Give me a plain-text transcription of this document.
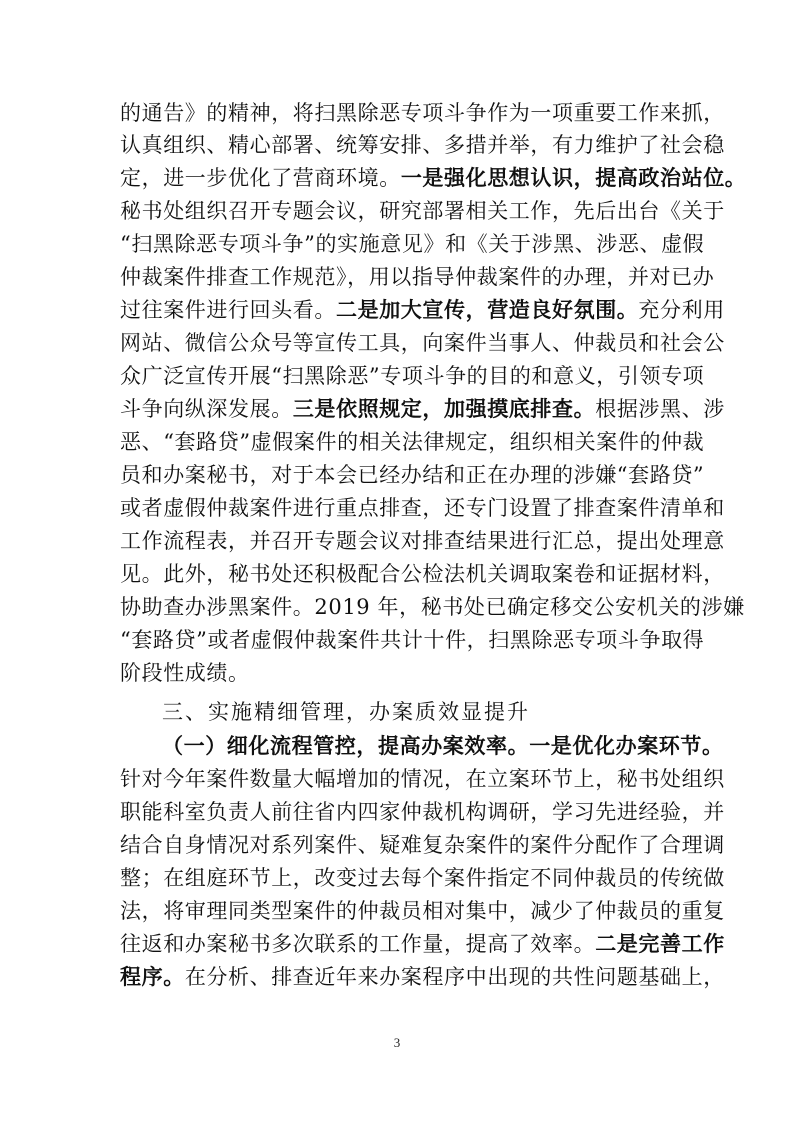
的通告》的精神，将扫黑除恶专项斗争作为一项重要工作来抓，
认真组织、精心部署、统筹安排、多措并举，有力维护了社会稳
定，进一步优化了营商环境。一是强化思想认识，提高政治站位。
秘书处组织召开专题会议，研究部署相关工作，先后出台《关于
“扫黑除恶专项斗争”的实施意见》和《关于涉黑、涉恶、虚假
仲裁案件排查工作规范》，用以指导仲裁案件的办理，并对已办
过往案件进行回头看。二是加大宣传，营造良好氛围。充分利用
网站、微信公众号等宣传工具，向案件当事人、仲裁员和社会公
众广泛宣传开展“扫黑除恶”专项斗争的目的和意义，引领专项
斗争向纵深发展。三是依照规定，加强摸底排查。根据涉黑、涉
恶、“套路贷”虚假案件的相关法律规定，组织相关案件的仲裁
员和办案秘书，对于本会已经办结和正在办理的涉嫌“套路贷”
或者虚假仲裁案件进行重点排查，还专门设置了排查案件清单和
工作流程表，并召开专题会议对排查结果进行汇总，提出处理意
见。此外，秘书处还积极配合公检法机关调取案卷和证据材料，
协助查办涉黑案件。2019 年，秘书处已确定移交公安机关的涉嫌
“套路贷”或者虚假仲裁案件共计十件，扫黑除恶专项斗争取得
阶段性成绩。
三、实施精细管理，办案质效显提升
（一）细化流程管控，提高办案效率。一是优化办案环节。
针对今年案件数量大幅增加的情况，在立案环节上，秘书处组织
职能科室负责人前往省内四家仲裁机构调研，学习先进经验，并
结合自身情况对系列案件、疑难复杂案件的案件分配作了合理调
整；在组庭环节上，改变过去每个案件指定不同仲裁员的传统做
法，将审理同类型案件的仲裁员相对集中，减少了仲裁员的重复
往返和办案秘书多次联系的工作量，提高了效率。二是完善工作
程序。在分析、排查近年来办案程序中出现的共性问题基础上，
3
